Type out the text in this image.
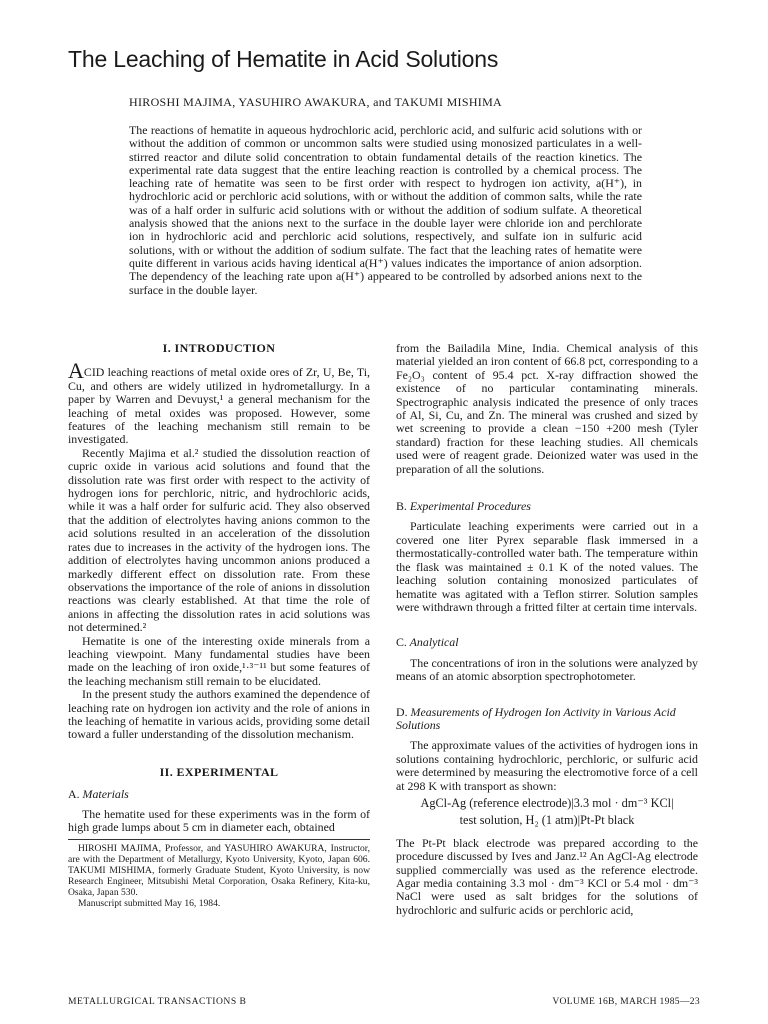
The Leaching of Hematite in Acid Solutions
HIROSHI MAJIMA, YASUHIRO AWAKURA, and TAKUMI MISHIMA
The reactions of hematite in aqueous hydrochloric acid, perchloric acid, and sulfuric acid solutions with or without the addition of common or uncommon salts were studied using monosized particulates in a well-stirred reactor and dilute solid concentration to obtain fundamental details of the reaction kinetics. The experimental rate data suggest that the entire leaching reaction is controlled by a chemical process. The leaching rate of hematite was seen to be first order with respect to hydrogen ion activity, a(H⁺), in hydrochloric acid or perchloric acid solutions, with or without the addition of common salts, while the rate was of a half order in sulfuric acid solutions with or without the addition of sodium sulfate. A theoretical analysis showed that the anions next to the surface in the double layer were chloride ion and perchlorate ion in hydrochloric acid and perchloric acid solutions, respectively, and sulfate ion in sulfuric acid solutions, with or without the addition of sodium sulfate. The fact that the leaching rates of hematite were quite different in various acids having identical a(H⁺) values indicates the importance of anion adsorption. The dependency of the leaching rate upon a(H⁺) appeared to be controlled by adsorbed anions next to the surface in the double layer.
I. INTRODUCTION

ACID leaching reactions of metal oxide ores of Zr, U, Be, Ti, Cu, and others are widely utilized in hydrometallurgy. In a paper by Warren and Devuyst,¹ a general mechanism for the leaching of metal oxides was proposed. However, some features of the leaching mechanism still remain to be investigated.

Recently Majima et al.² studied the dissolution reaction of cupric oxide in various acid solutions and found that the dissolution rate was first order with respect to the activity of hydrogen ions for perchloric, nitric, and hydrochloric acids, while it was a half order for sulfuric acid. They also observed that the addition of electrolytes having anions common to the acid solutions resulted in an acceleration of the dissolution rates due to increases in the activity of the hydrogen ions. The addition of electrolytes having uncommon anions produced a markedly different effect on dissolution rate. From these observations the importance of the role of anions in dissolution reactions was clearly established. At that time the role of anions in affecting the dissolution rates in acid solutions was not determined.²

Hematite is one of the interesting oxide minerals from a leaching viewpoint. Many fundamental studies have been made on the leaching of iron oxide,¹·³⁻¹¹ but some features of the leaching mechanism still remain to be elucidated.

In the present study the authors examined the dependence of leaching rate on hydrogen ion activity and the role of anions in the leaching of hematite in various acids, providing some detail toward a fuller understanding of the dissolution mechanism.

II. EXPERIMENTAL
A. Materials

The hematite used for these experiments was in the form of high grade lumps about 5 cm in diameter each, obtained

HIROSHI MAJIMA, Professor, and YASUHIRO AWAKURA, Instructor, are with the Department of Metallurgy, Kyoto University, Kyoto, Japan 606. TAKUMI MISHIMA, formerly Graduate Student, Kyoto University, is now Research Engineer, Mitsubishi Metal Corporation, Osaka Refinery, Kita-ku, Osaka, Japan 530.

Manuscript submitted May 16, 1984.

from the Bailadila Mine, India. Chemical analysis of this material yielded an iron content of 66.8 pct, corresponding to a Fe₂O₃ content of 95.4 pct. X-ray diffraction showed the existence of no particular contaminating minerals. Spectrographic analysis indicated the presence of only traces of Al, Si, Cu, and Zn. The mineral was crushed and sized by wet screening to provide a clean −150 +200 mesh (Tyler standard) fraction for these leaching studies. All chemicals used were of reagent grade. Deionized water was used in the preparation of all the solutions.

B. Experimental Procedures

Particulate leaching experiments were carried out in a covered one liter Pyrex separable flask immersed in a thermostatically-controlled water bath. The temperature within the flask was maintained ± 0.1 K of the noted values. The leaching solution containing monosized particulates of hematite was agitated with a Teflon stirrer. Solution samples were withdrawn through a fritted filter at certain time intervals.

C. Analytical

The concentrations of iron in the solutions were analyzed by means of an atomic absorption spectrophotometer.

D. Measurements of Hydrogen Ion Activity in Various Acid Solutions

The approximate values of the activities of hydrogen ions in solutions containing hydrochloric, perchloric, or sulfuric acid were determined by measuring the electromotive force of a cell at 298 K with transport as shown:

AgCl-Ag (reference electrode)|3.3 mol · dm⁻³ KCl|
test solution, H₂ (1 atm)|Pt-Pt black

The Pt-Pt black electrode was prepared according to the procedure discussed by Ives and Janz.¹² An AgCl-Ag electrode supplied commercially was used as the reference electrode. Agar media containing 3.3 mol · dm⁻³ KCl or 5.4 mol · dm⁻³ NaCl were used as salt bridges for the solutions of hydrochloric and sulfuric acids or perchloric acid,

METALLURGICAL TRANSACTIONS B	VOLUME 16B, MARCH 1985—23
